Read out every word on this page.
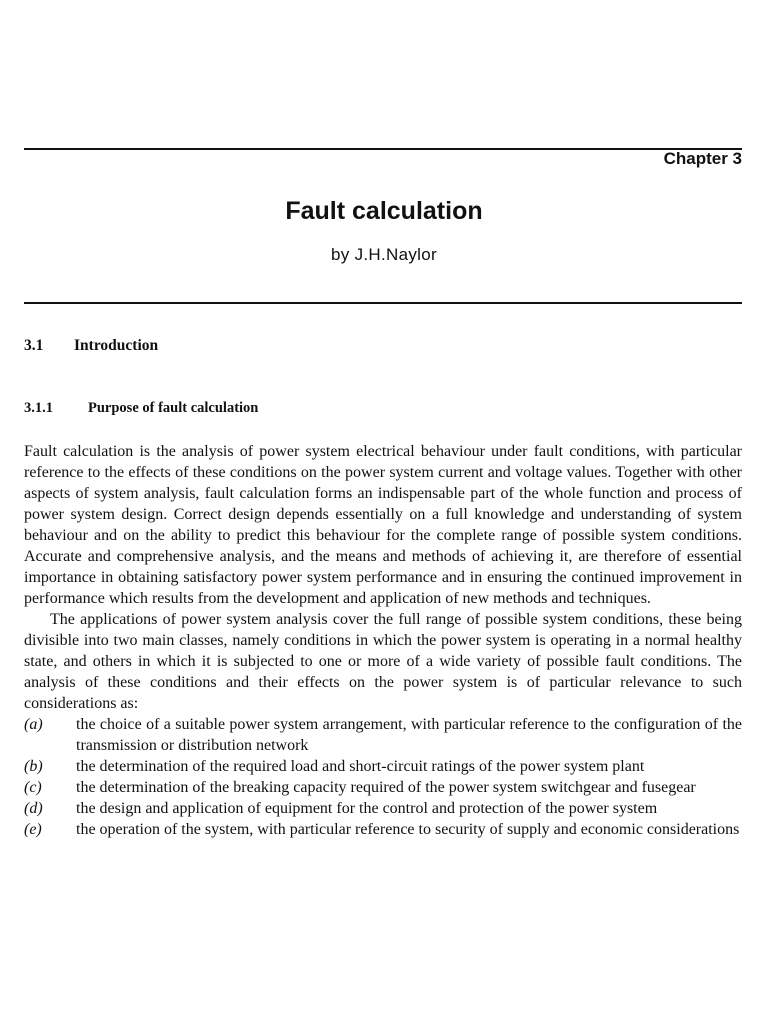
Chapter 3
Fault calculation
by J.H.Naylor
3.1 Introduction
3.1.1 Purpose of fault calculation

Fault calculation is the analysis of power system electrical behaviour under fault conditions, with particular reference to the effects of these conditions on the power system current and voltage values. Together with other aspects of system analysis, fault calculation forms an indispensable part of the whole function and process of power system design. Correct design depends essentially on a full knowledge and understanding of system behaviour and on the ability to predict this behaviour for the complete range of possible system conditions. Accurate and comprehensive analysis, and the means and methods of achieving it, are therefore of essential importance in obtaining satisfactory power system performance and in ensuring the continued improvement in performance which results from the development and application of new methods and techniques.

The applications of power system analysis cover the full range of possible system conditions, these being divisible into two main classes, namely conditions in which the power system is operating in a normal healthy state, and others in which it is subjected to one or more of a wide variety of possible fault conditions. The analysis of these conditions and their effects on the power system is of particular relevance to such considerations as:

(a)	the choice of a suitable power system arrangement, with particular reference to the configuration of the transmission or distribution network
(b)	the determination of the required load and short-circuit ratings of the power system plant
(c)	the determination of the breaking capacity required of the power system switchgear and fusegear
(d)	the design and application of equipment for the control and protection of the power system
(e)	the operation of the system, with particular reference to security of supply and economic considerations
